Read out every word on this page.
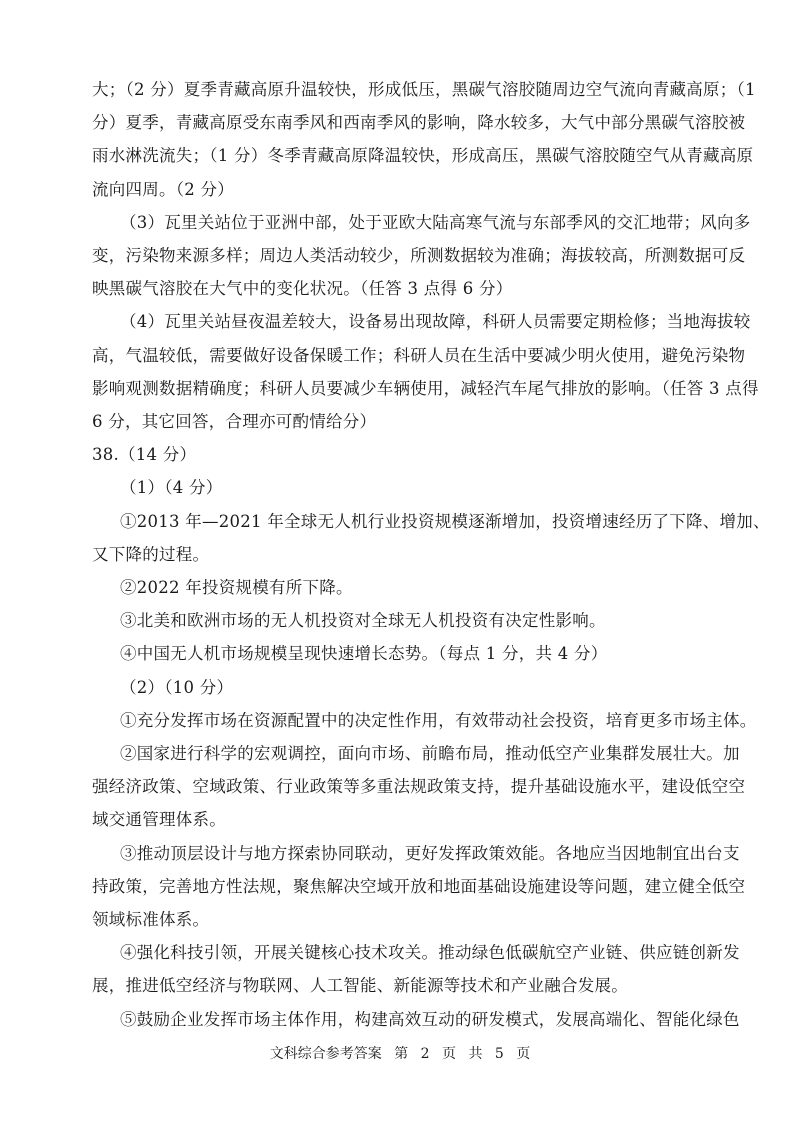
大；（2 分）夏季青藏高原升温较快，形成低压，黑碳气溶胶随周边空气流向青藏高原；（1
分）夏季，青藏高原受东南季风和西南季风的影响，降水较多，大气中部分黑碳气溶胶被
雨水淋洗流失；（1 分）冬季青藏高原降温较快，形成高压，黑碳气溶胶随空气从青藏高原
流向四周。（2 分）
（3）瓦里关站位于亚洲中部，处于亚欧大陆高寒气流与东部季风的交汇地带；风向多
变，污染物来源多样；周边人类活动较少，所测数据较为准确；海拔较高，所测数据可反
映黑碳气溶胶在大气中的变化状况。（任答 3 点得 6 分）
（4）瓦里关站昼夜温差较大，设备易出现故障，科研人员需要定期检修；当地海拔较
高，气温较低，需要做好设备保暖工作；科研人员在生活中要减少明火使用，避免污染物
影响观测数据精确度；科研人员要减少车辆使用，减轻汽车尾气排放的影响。（任答 3 点得
6 分，其它回答，合理亦可酌情给分）
38.（14 分）
（1）（4 分）
①2013 年—2021 年全球无人机行业投资规模逐渐增加，投资增速经历了下降、增加、
又下降的过程。
②2022 年投资规模有所下降。
③北美和欧洲市场的无人机投资对全球无人机投资有决定性影响。
④中国无人机市场规模呈现快速增长态势。（每点 1 分，共 4 分）
（2）（10 分）
①充分发挥市场在资源配置中的决定性作用，有效带动社会投资，培育更多市场主体。
②国家进行科学的宏观调控，面向市场、前瞻布局，推动低空产业集群发展壮大。加
强经济政策、空域政策、行业政策等多重法规政策支持，提升基础设施水平，建设低空空
域交通管理体系。
③推动顶层设计与地方探索协同联动，更好发挥政策效能。各地应当因地制宜出台支
持政策，完善地方性法规，聚焦解决空域开放和地面基础设施建设等问题，建立健全低空
领域标准体系。
④强化科技引领，开展关键核心技术攻关。推动绿色低碳航空产业链、供应链创新发
展，推进低空经济与物联网、人工智能、新能源等技术和产业融合发展。
⑤鼓励企业发挥市场主体作用，构建高效互动的研发模式，发展高端化、智能化绿色
文科综合参考答案 第 2 页 共 5 页
